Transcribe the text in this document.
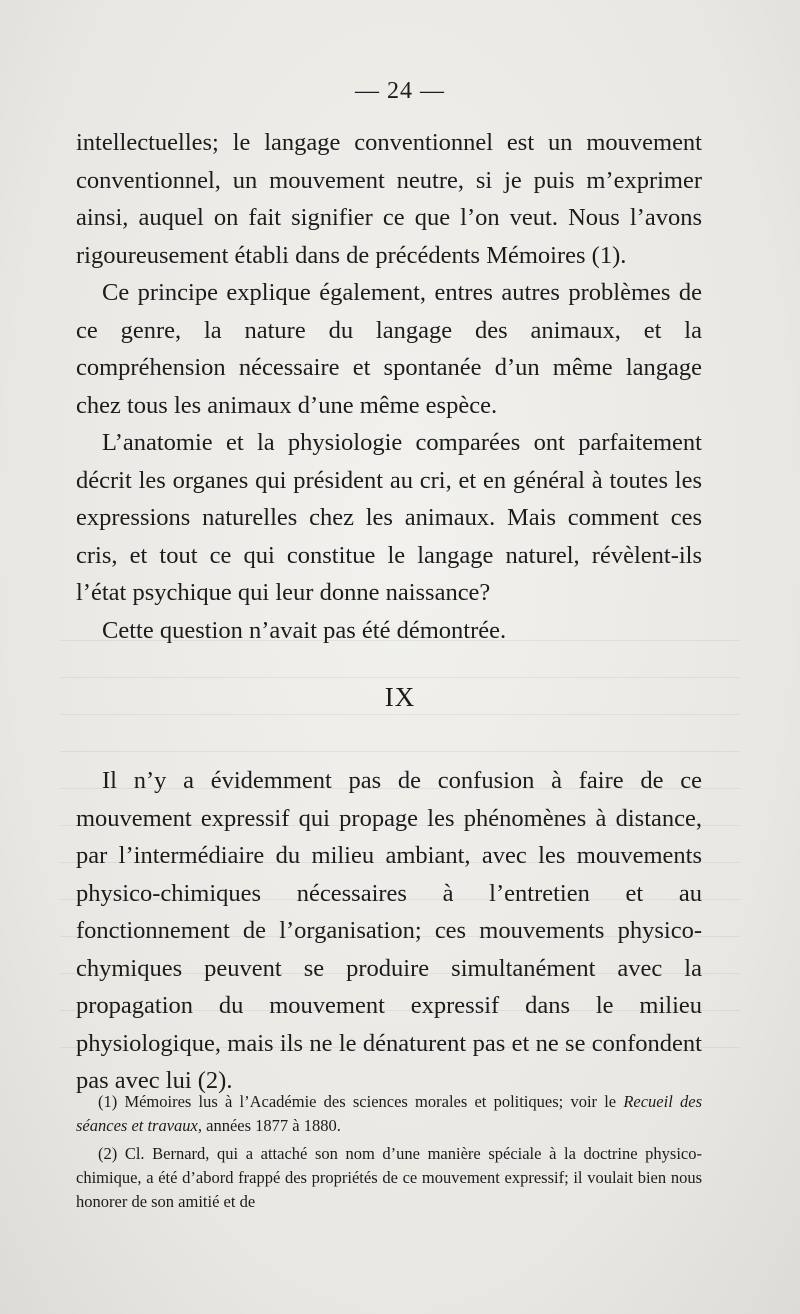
— 24 —

intellectuelles; le langage conventionnel est un mouvement conventionnel, un mouvement neutre, si je puis m’exprimer ainsi, auquel on fait signifier ce que l’on veut. Nous l’avons rigoureusement établi dans de précédents Mémoires (1).

Ce principe explique également, entres autres problèmes de ce genre, la nature du langage des animaux, et la compréhension nécessaire et spontanée d’un même langage chez tous les animaux d’une même espèce.

L’anatomie et la physiologie comparées ont parfaitement décrit les organes qui président au cri, et en général à toutes les expressions naturelles chez les animaux. Mais comment ces cris, et tout ce qui constitue le langage naturel, révèlent-ils l’état psychique qui leur donne naissance?

Cette question n’avait pas été démontrée.

IX

Il n’y a évidemment pas de confusion à faire de ce mouvement expressif qui propage les phénomènes à distance, par l’intermédiaire du milieu ambiant, avec les mouvements physico-chimiques nécessaires à l’entretien et au fonctionnement de l’organisation; ces mouvements physico-chymiques peuvent se produire simultanément avec la propagation du mouvement expressif dans le milieu physiologique, mais ils ne le dénaturent pas et ne se confondent pas avec lui (2).

(1) Mémoires lus à l’Académie des sciences morales et politiques; voir le Recueil des séances et travaux, années 1877 à 1880.

(2) Cl. Bernard, qui a attaché son nom d’une manière spéciale à la doctrine physico-chimique, a été d’abord frappé des propriétés de ce mouvement expressif; il voulait bien nous honorer de son amitié et de
